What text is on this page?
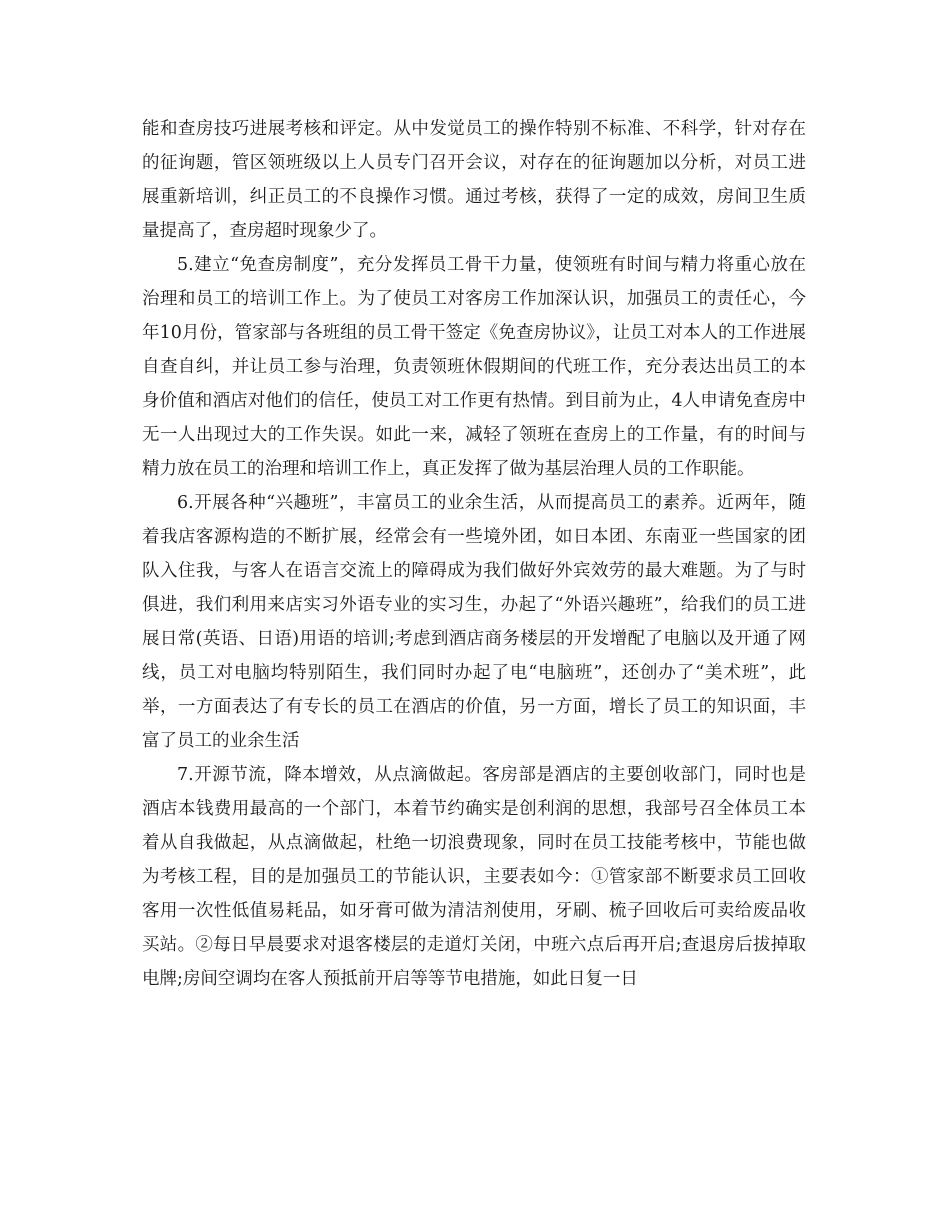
能和查房技巧进展考核和评定。从中发觉员工的操作特别不标准、不科学，针对存在的征询题，管区领班级以上人员专门召开会议，对存在的征询题加以分析，对员工进展重新培训，纠正员工的不良操作习惯。通过考核，获得了一定的成效，房间卫生质量提高了，查房超时现象少了。

5.建立“免查房制度”，充分发挥员工骨干力量，使领班有时间与精力将重心放在治理和员工的培训工作上。为了使员工对客房工作加深认识，加强员工的责任心，今年10月份，管家部与各班组的员工骨干签定《免查房协议》，让员工对本人的工作进展自查自纠，并让员工参与治理，负责领班休假期间的代班工作，充分表达出员工的本身价值和酒店对他们的信任，使员工对工作更有热情。到目前为止，4人申请免查房中无一人出现过大的工作失误。如此一来，减轻了领班在查房上的工作量，有的时间与精力放在员工的治理和培训工作上，真正发挥了做为基层治理人员的工作职能。

6.开展各种“兴趣班”，丰富员工的业余生活，从而提高员工的素养。近两年，随着我店客源构造的不断扩展，经常会有一些境外团，如日本团、东南亚一些国家的团队入住我，与客人在语言交流上的障碍成为我们做好外宾效劳的最大难题。为了与时俱进，我们利用来店实习外语专业的实习生，办起了“外语兴趣班”，给我们的员工进展日常(英语、日语)用语的培训;考虑到酒店商务楼层的开发增配了电脑以及开通了网线，员工对电脑均特别陌生，我们同时办起了电“电脑班”，还创办了“美术班”，此举，一方面表达了有专长的员工在酒店的价值，另一方面，增长了员工的知识面，丰富了员工的业余生活

7.开源节流，降本增效，从点滴做起。客房部是酒店的主要创收部门，同时也是酒店本钱费用最高的一个部门，本着节约确实是创利润的思想，我部号召全体员工本着从自我做起，从点滴做起，杜绝一切浪费现象，同时在员工技能考核中，节能也做为考核工程，目的是加强员工的节能认识，主要表如今：①管家部不断要求员工回收客用一次性低值易耗品，如牙膏可做为清洁剂使用，牙刷、梳子回收后可卖给废品收买站。②每日早晨要求对退客楼层的走道灯关闭，中班六点后再开启;查退房后拔掉取电牌;房间空调均在客人预抵前开启等等节电措施，如此日复一日
